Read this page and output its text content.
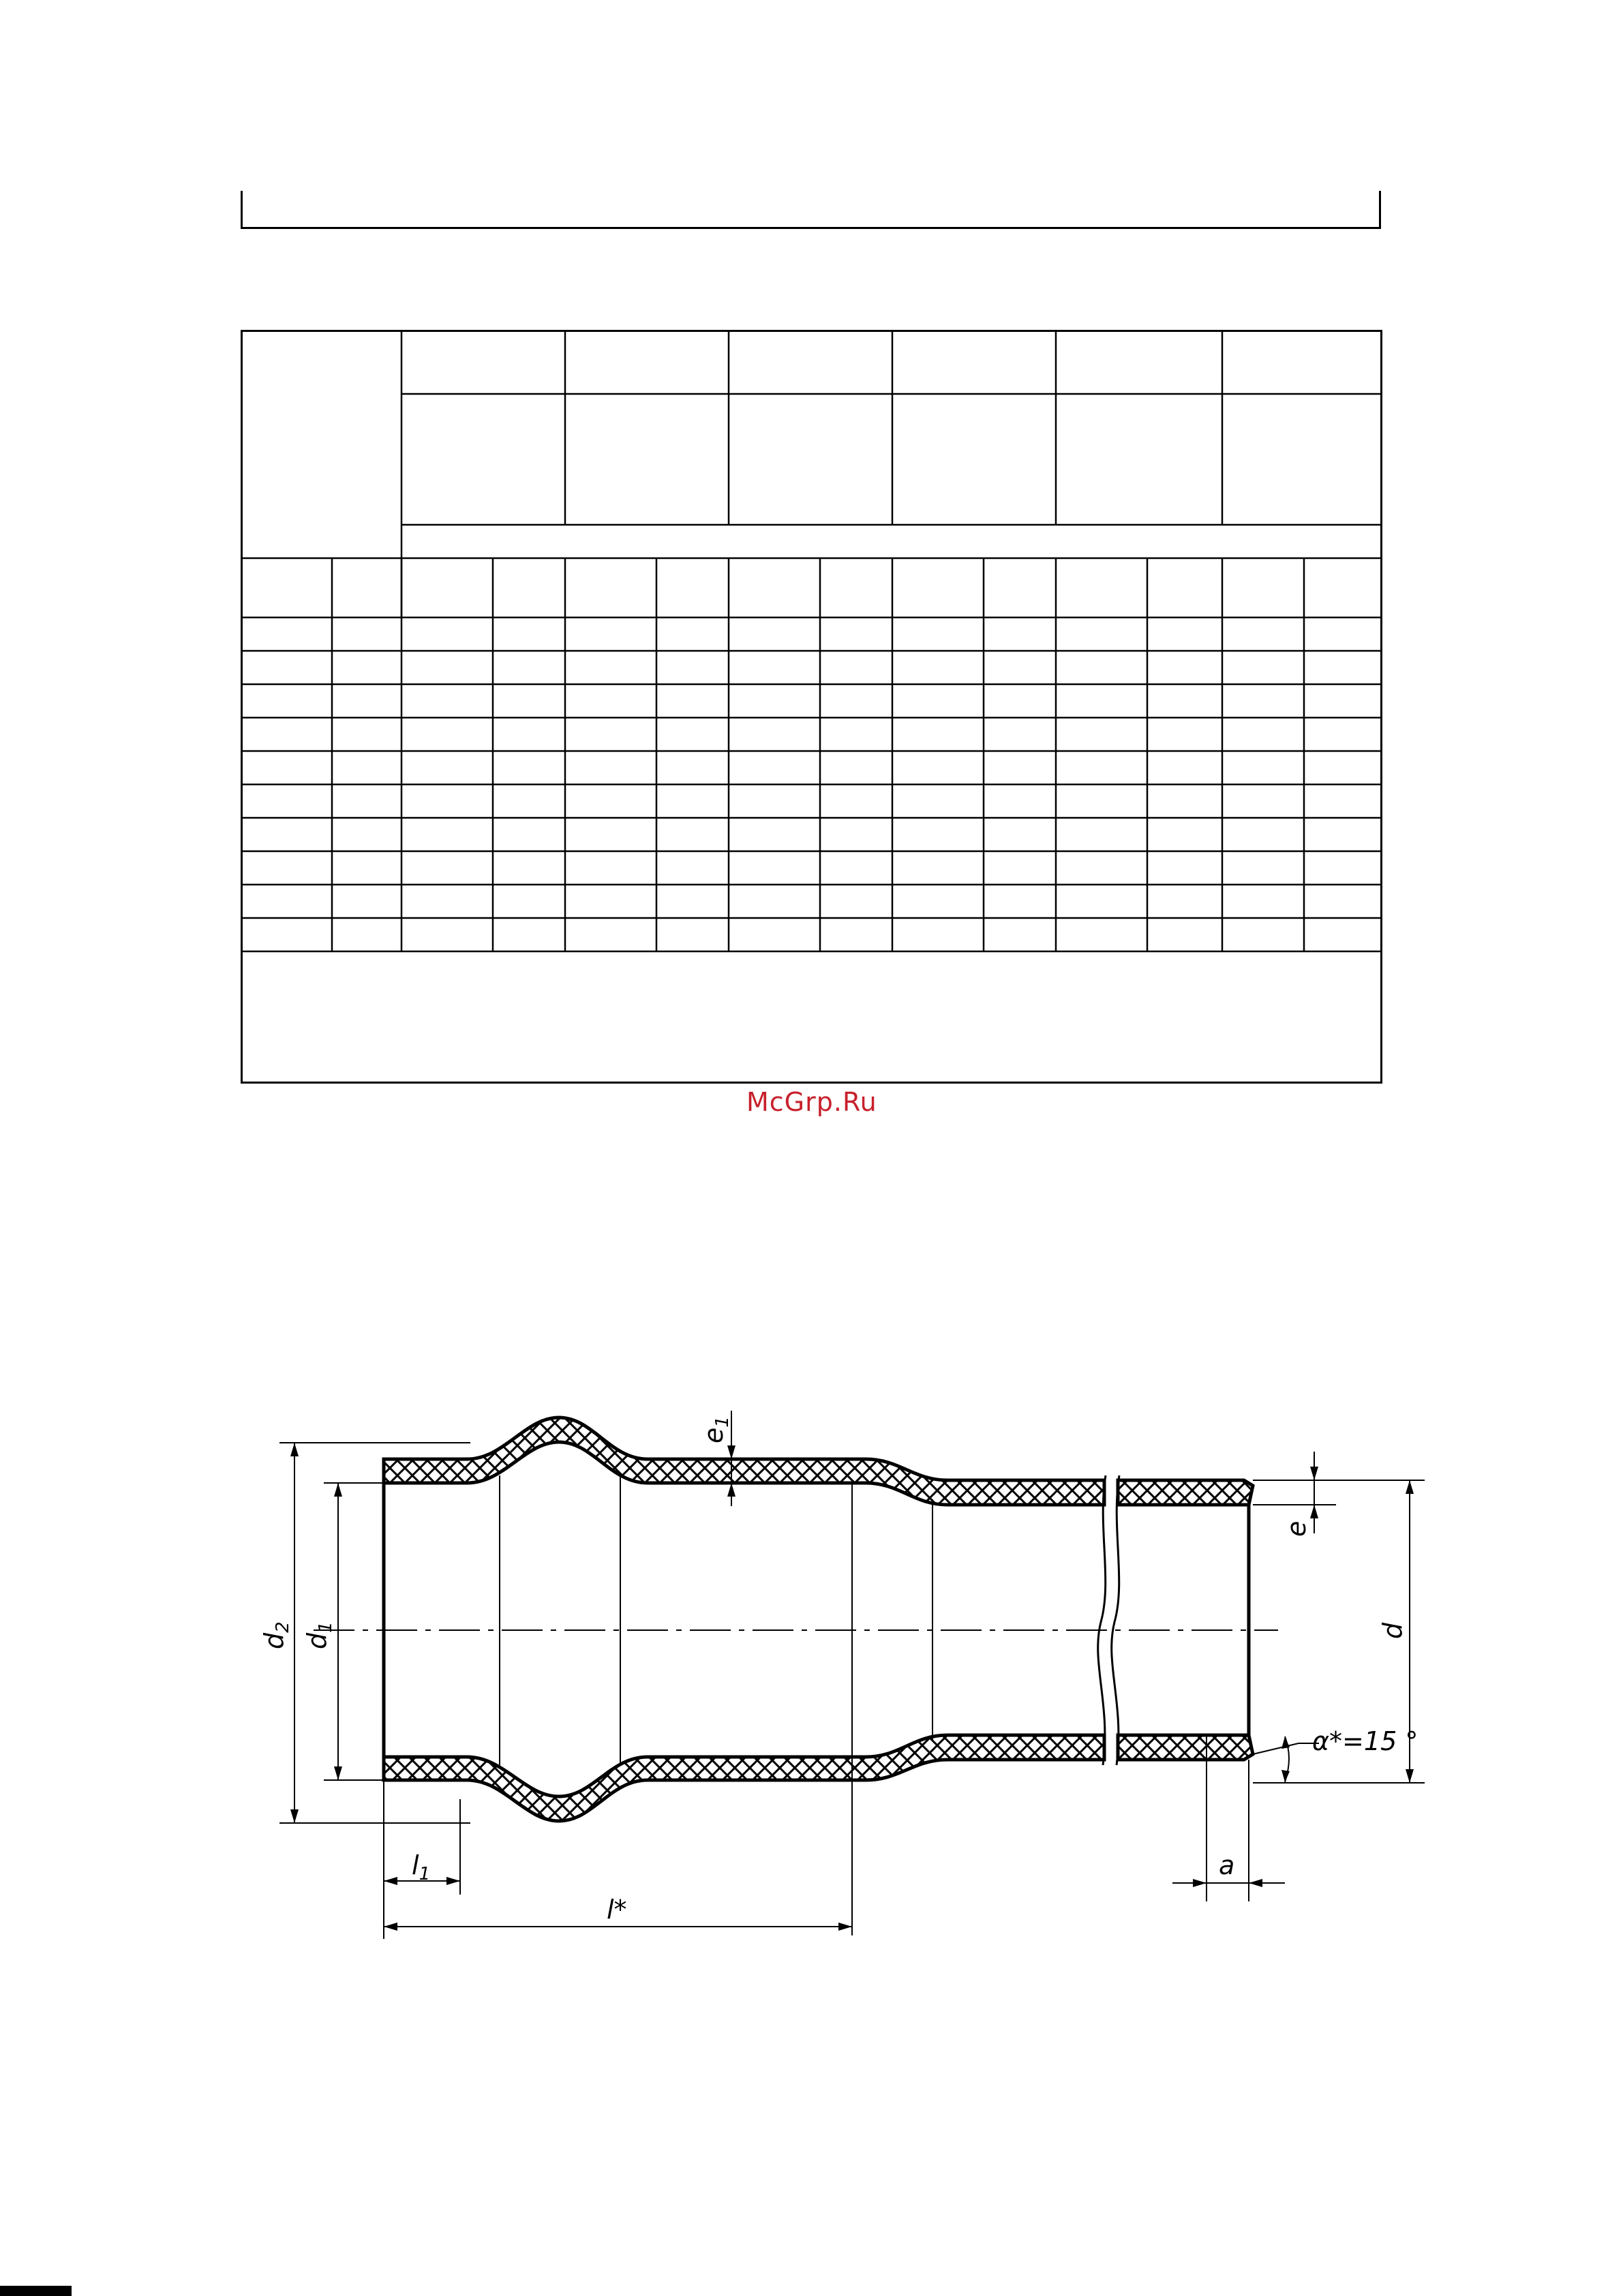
McGrp.Ru
$d_2$
$d_1$	d
$e_1$
e
$l_1$
l*
a
α*=15 °
